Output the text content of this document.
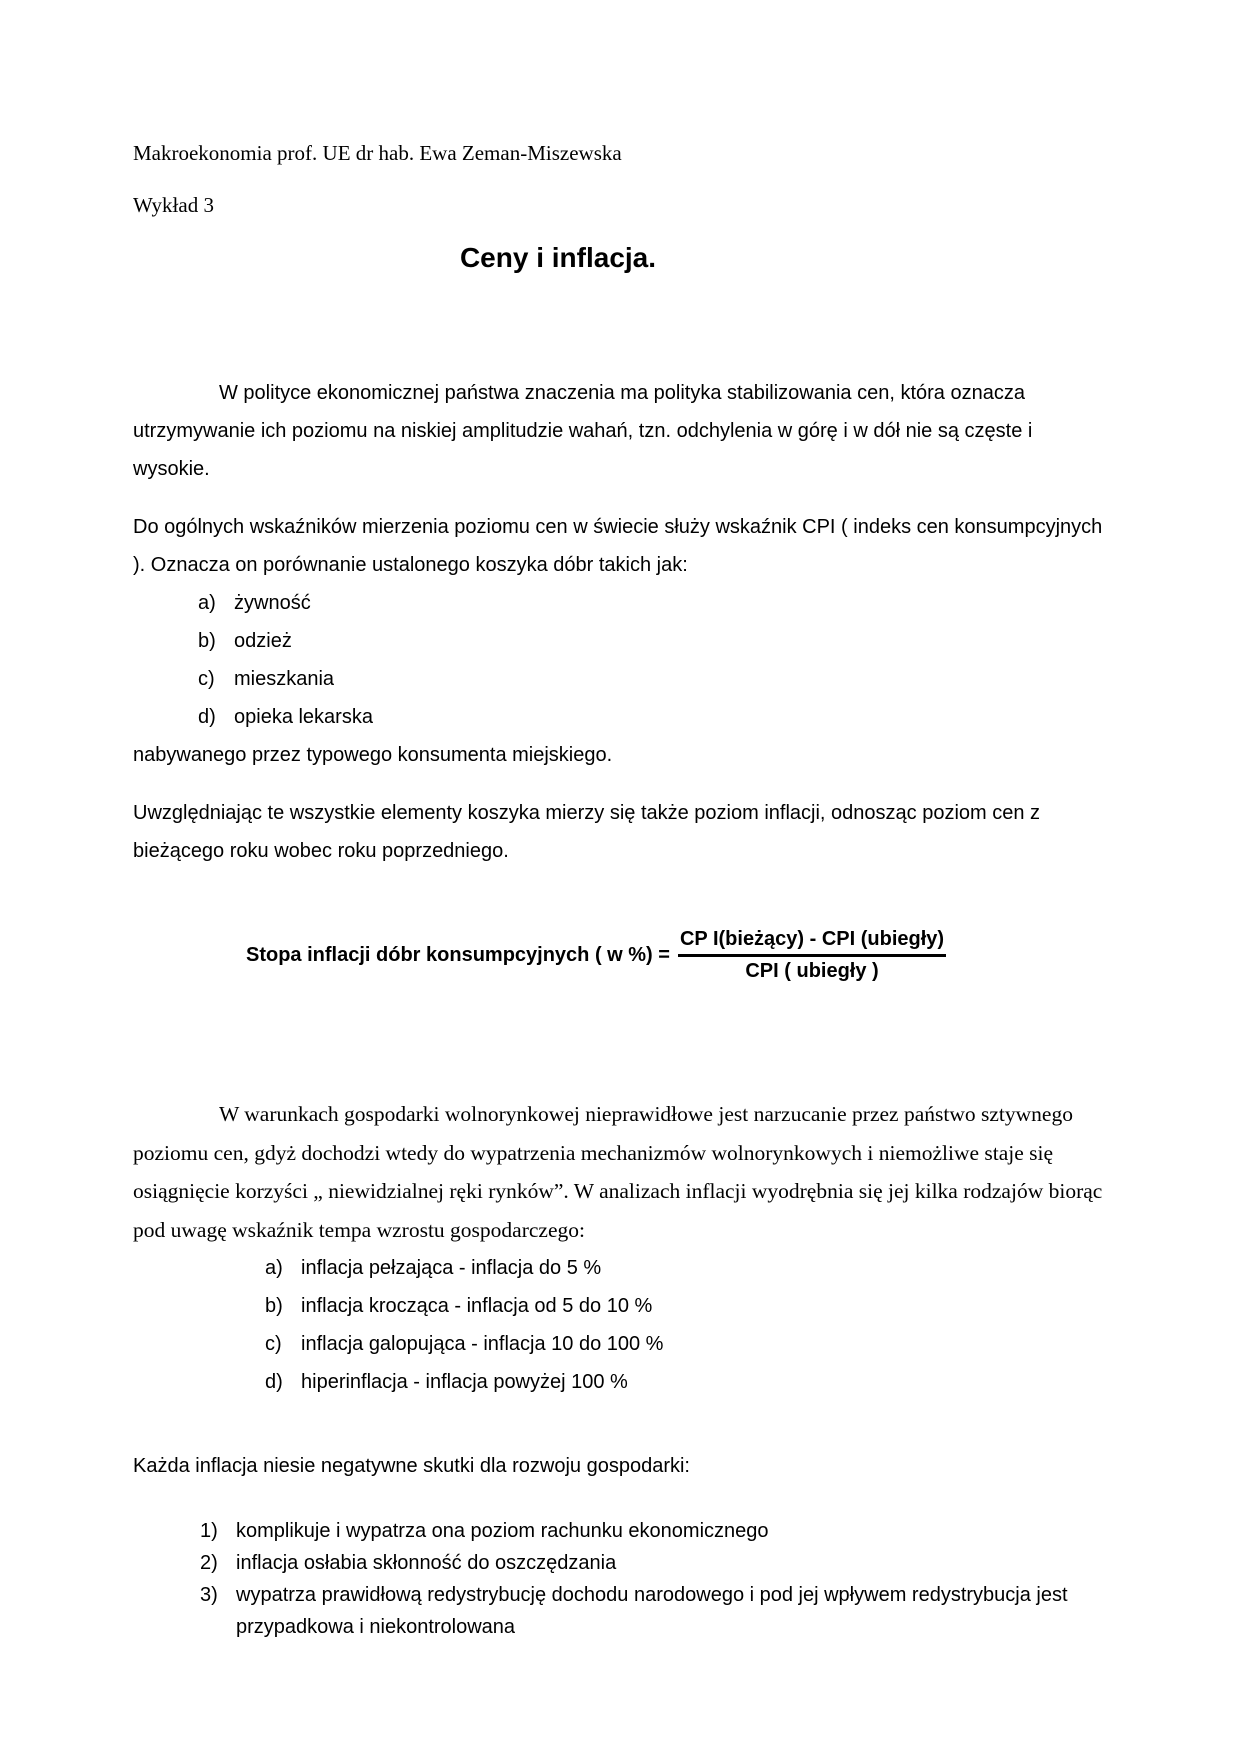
Makroekonomia prof. UE dr hab. Ewa Zeman-Miszewska
Wykład 3
Ceny i inflacja.

W polityce ekonomicznej państwa znaczenia ma polityka stabilizowania cen, która oznacza utrzymywanie ich poziomu na niskiej amplitudzie wahań, tzn. odchylenia w górę i w dół nie są częste i wysokie.

Do ogólnych wskaźników mierzenia poziomu cen w świecie służy wskaźnik CPI ( indeks cen konsumpcyjnych ). Oznacza on porównanie ustalonego koszyka dóbr takich jak:

a) żywność
b) odzież
c) mieszkania
d) opieka lekarska

nabywanego przez typowego konsumenta miejskiego.

Uwzględniając te wszystkie elementy koszyka mierzy się także poziom inflacji, odnosząc poziom cen z bieżącego roku wobec roku poprzedniego.

Stopa inflacji dóbr konsumpcyjnych ( w %) = $\frac{\text{CP I(bieżący) - CPI (ubiegły)}}{\text{CPI ( ubiegły )}}$

W warunkach gospodarki wolnorynkowej nieprawidłowe jest narzucanie przez państwo sztywnego poziomu cen, gdyż dochodzi wtedy do wypatrzenia mechanizmów wolnorynkowych i niemożliwe staje się osiągnięcie korzyści „ niewidzialnej ręki rynków”. W analizach inflacji wyodrębnia się jej kilka rodzajów biorąc pod uwagę wskaźnik tempa wzrostu gospodarczego:

a) inflacja pełzająca - inflacja do 5 %
b) inflacja krocząca - inflacja od 5 do 10 %
c) inflacja galopująca - inflacja 10 do 100 %
d) hiperinflacja - inflacja powyżej 100 %

Każda inflacja niesie negatywne skutki dla rozwoju gospodarki:

1) komplikuje i wypatrza ona poziom rachunku ekonomicznego
2) inflacja osłabia skłonność do oszczędzania
3) wypatrza prawidłową redystrybucję dochodu narodowego i pod jej wpływem redystrybucja jest przypadkowa i niekontrolowana
